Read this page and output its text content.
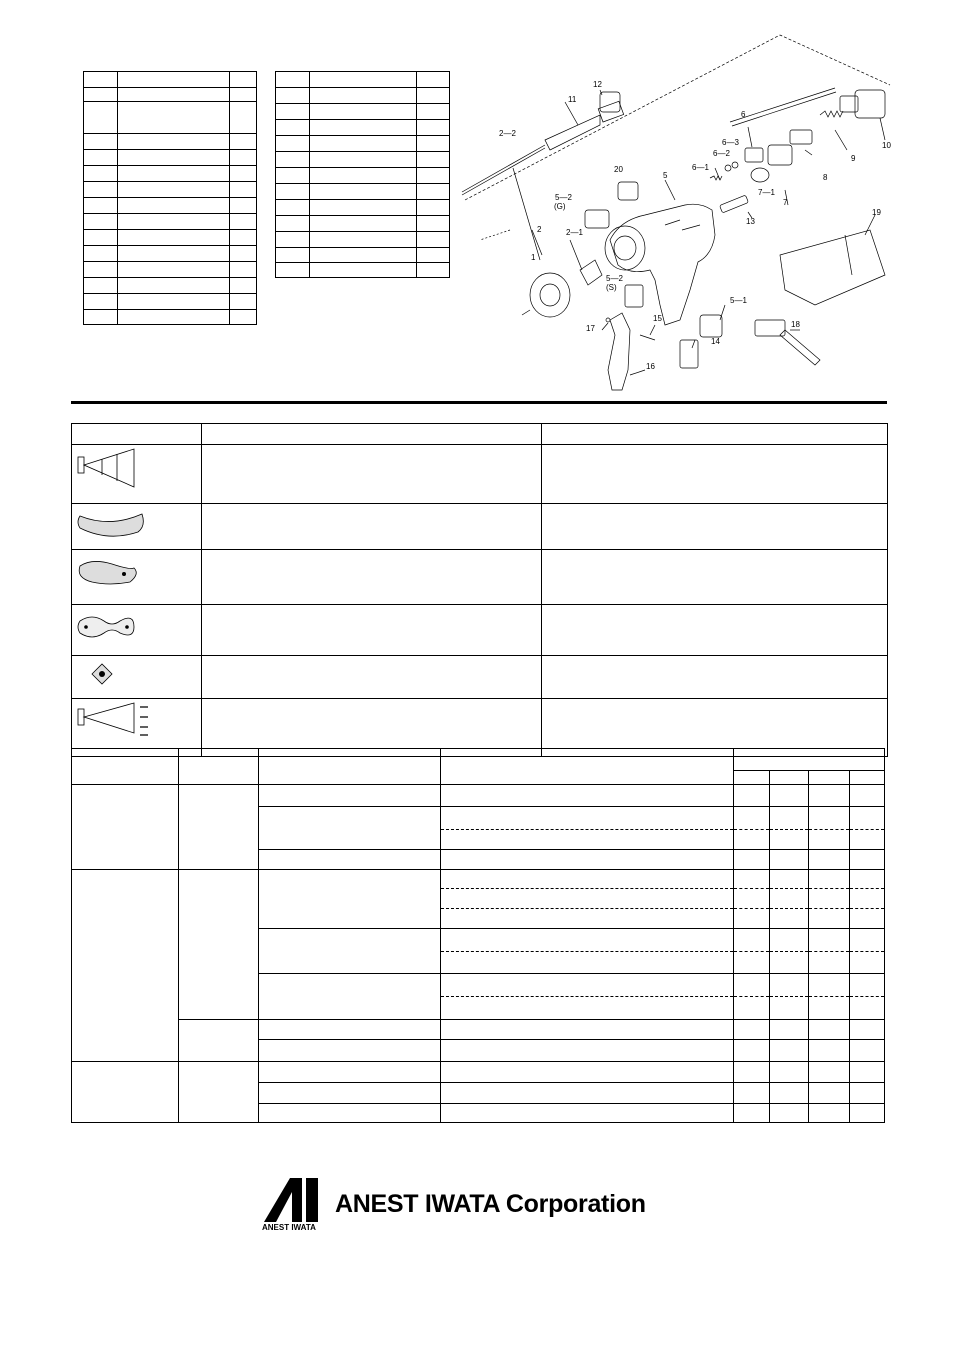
1
2	2—1
2—2
5—2
(G)
20
11
12
5
6
6—3
6—2
6—1
13
7—1
7
8
9
10
19
5—2
(S)
5—1
17
15
16
14
18

ANEST IWATA
ANEST IWATA Corporation
